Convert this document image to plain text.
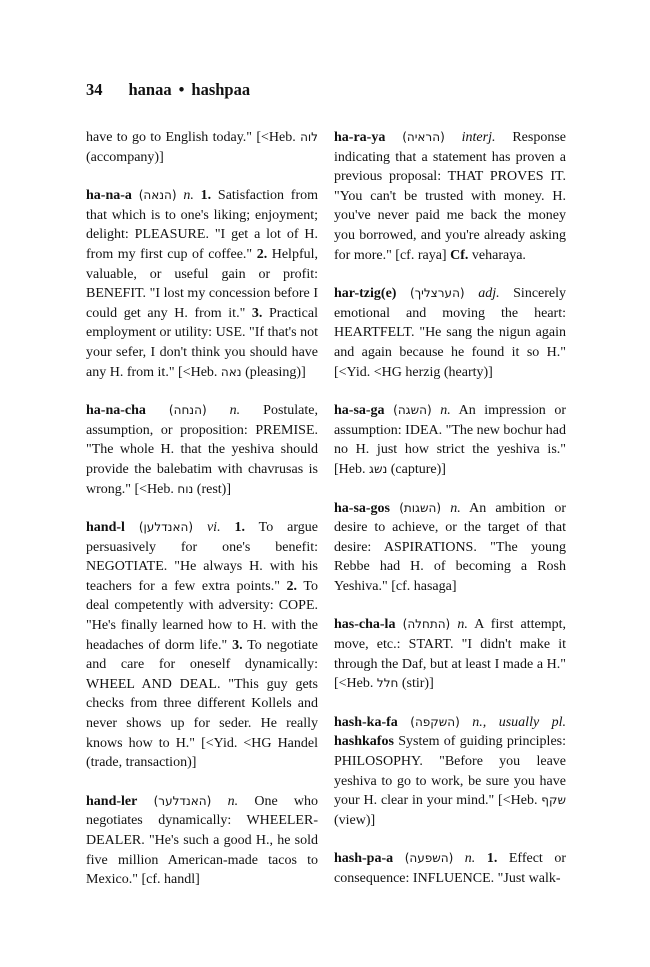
34 hanaa • hashpaa

have to go to English today." [<Heb. לוה (accompany)]

ha-na-a (הנאה) n. 1. Satisfaction from that which is to one's liking; enjoyment; delight: PLEASURE. "I get a lot of H. from my first cup of coffee." 2. Helpful, valuable, or useful gain or profit: BENEFIT. "I lost my concession before I could get any H. from it." 3. Practical employment or utility: USE. "If that's not your sefer, I don't think you should have any H. from it." [<Heb. נאה (pleasing)]

ha-na-cha (הנחה) n. Postulate, assumption, or proposition: PREMISE. "The whole H. that the yeshiva should provide the balebatim with chavrusas is wrong." [<Heb. נוח (rest)]

hand-l (האנדלען) vi. 1. To argue persuasively for one's benefit: NEGOTIATE. "He always H. with his teachers for a few extra points." 2. To deal competently with adversity: COPE. "He's finally learned how to H. with the headaches of dorm life." 3. To negotiate and care for oneself dynamically: WHEEL AND DEAL. "This guy gets checks from three different Kollels and never shows up for seder. He really knows how to H." [<Yid. <HG Handel (trade, transaction)]

hand-ler (האנדלער) n. One who negotiates dynamically: WHEELER-DEALER. "He's such a good H., he sold five million American-made tacos to Mexico." [cf. handl]

ha-ra-ya (הראיה) interj. Response indicating that a statement has proven a previous proposal: THAT PROVES IT. "You can't be trusted with money. H. you've never paid me back the money you borrowed, and you're already asking for more." [cf. raya] Cf. veharaya.

har-tzig(e) (הערצליך) adj. Sincerely emotional and moving the heart: HEARTFELT. "He sang the nigun again and again because he found it so H." [<Yid. <HG herzig (hearty)]

ha-sa-ga (השגה) n. An impression or assumption: IDEA. "The new bochur had no H. just how strict the yeshiva is." [Heb. נשג (capture)]

ha-sa-gos (השגות) n. An ambition or desire to achieve, or the target of that desire: ASPIRATIONS. "The young Rebbe had H. of becoming a Rosh Yeshiva." [cf. hasaga]

has-cha-la (התחלה) n. A first attempt, move, etc.: START. "I didn't make it through the Daf, but at least I made a H." [<Heb. חלל (stir)]

hash-ka-fa (השקפה) n., usually pl. hashkafos System of guiding principles: PHILOSOPHY. "Before you leave yeshiva to go to work, be sure you have your H. clear in your mind." [<Heb. שקף (view)]

hash-pa-a (השפעה) n. 1. Effect or consequence: INFLUENCE. "Just walk-
